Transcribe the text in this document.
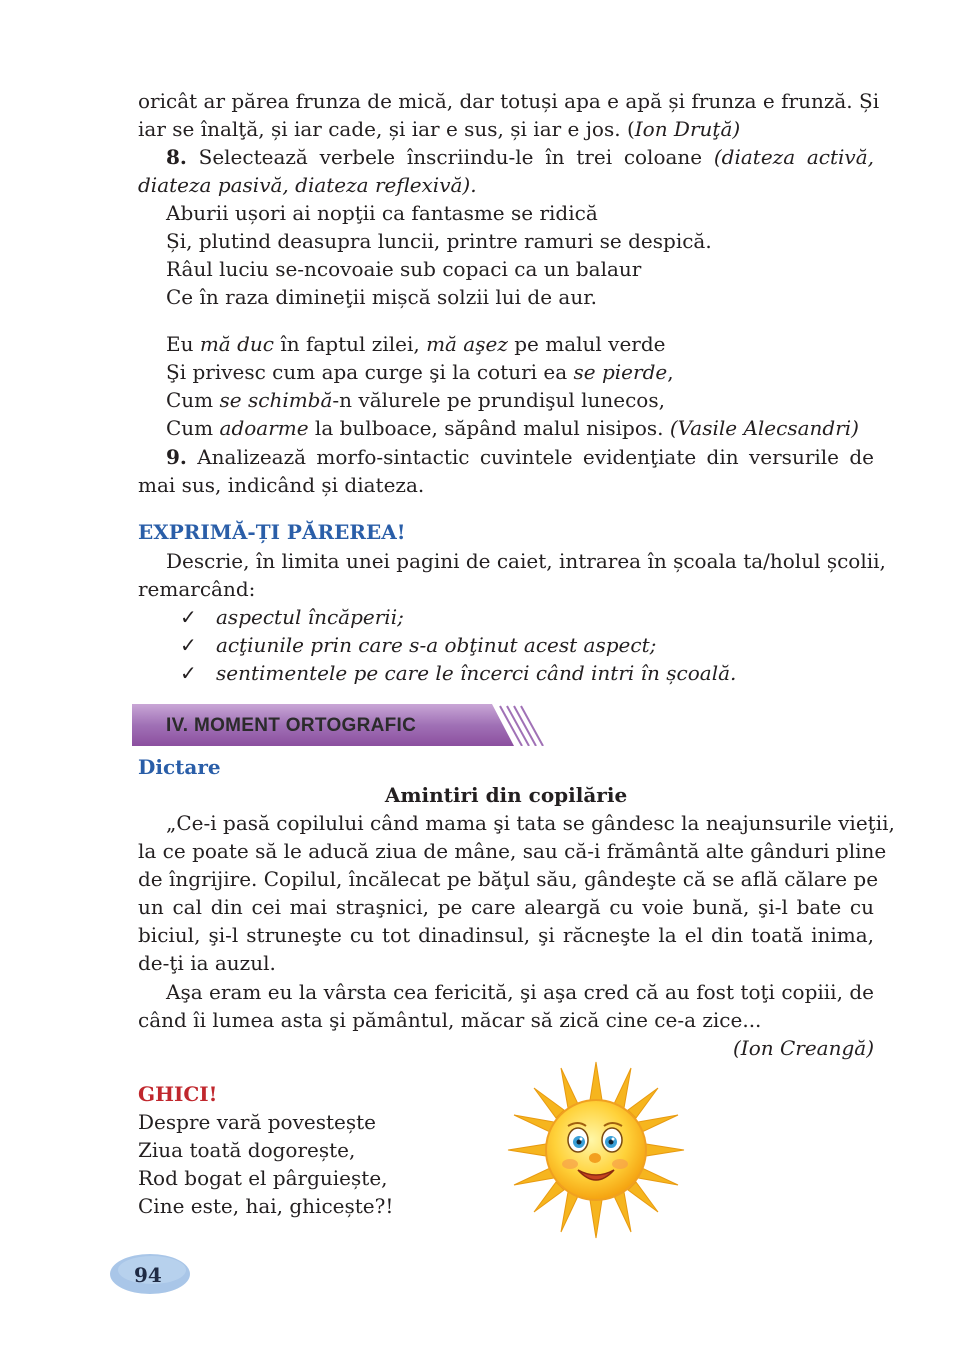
oricât ar părea frunza de mică, dar totuși apa e apă și frunza e frunză. Și
iar se înalţă, și iar cade, și iar e sus, și iar e jos. (Ion Druţă)
8. Selectează verbele înscriindu-le în trei coloane (diateza activă,
diateza pasivă, diateza reflexivă).
Aburii ușori ai nopţii ca fantasme se ridică
Și, plutind deasupra luncii, printre ramuri se despică.
Râul luciu se-ncovoaie sub copaci ca un balaur
Ce în raza dimineţii mișcă solzii lui de aur.
Eu mă duc în faptul zilei, mă aşez pe malul verde
Şi privesc cum apa curge şi la coturi ea se pierde,
Cum se schimbă-n vălurele pe prundişul lunecos,
Cum adoarme la bulboace, săpând malul nisipos. (Vasile Alecsandri)
9. Analizează morfo-sintactic cuvintele evidenţiate din versurile de
mai sus, indicând și diateza.
EXPRIMĂ-ȚI PĂREREA!
Descrie, în limita unei pagini de caiet, intrarea în școala ta/holul școlii,
remarcând:
✓ aspectul încăperii;
✓ acţiunile prin care s-a obţinut acest aspect;
✓ sentimentele pe care le încerci când intri în școală.
IV. MOMENT ORTOGRAFIC
Dictare
Amintiri din copilărie
„Ce-i pasă copilului când mama şi tata se gândesc la neajunsurile vieţii,
la ce poate să le aducă ziua de mâne, sau că-i frământă alte gânduri pline
de îngrijire. Copilul, încălecat pe băţul său, gândeşte că se află călare pe
un cal din cei mai straşnici, pe care aleargă cu voie bună, şi-l bate cu
biciul, şi-l struneşte cu tot dinadinsul, şi răcneşte la el din toată inima,
de-ţi ia auzul.
Aşa eram eu la vârsta cea fericită, şi aşa cred că au fost toţi copiii, de
când îi lumea asta şi pământul, măcar să zică cine ce-a zice...
(Ion Creangă)
GHICI!
Despre vară povestește
Ziua toată dogorește,
Rod bogat el pârguiește,
Cine este, hai, ghicește?!
94
